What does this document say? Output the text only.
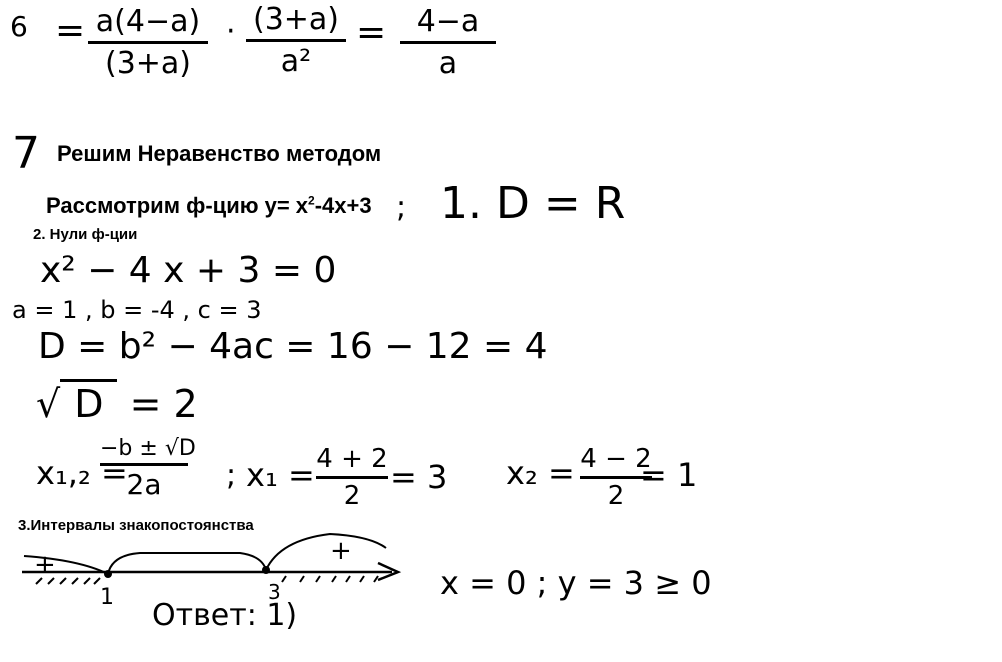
6 = a(4−a)
(3+a)
· (3+a)
a²
=	4−a
a
7 Решим Неравенство методом
Рассмотрим ф-цию $y= x^2-4x+3$ ; 1. D = R
2. Нули ф-ции
x² − 4 x + 3 = 0
a = 1 , b = -4 , c = 3
D = b² − 4ac = 16 − 12 = 4
√ D = 2
x₁,₂ =
−b ± √D
2a	; x₁ = 4 + 2
2 = 3 x₂ = 4 − 2
2
= 1
3.Интервалы знакопостоянства
+	+
1	3	x = 0 ; y = 3 ≥ 0
Ответ: 1)
